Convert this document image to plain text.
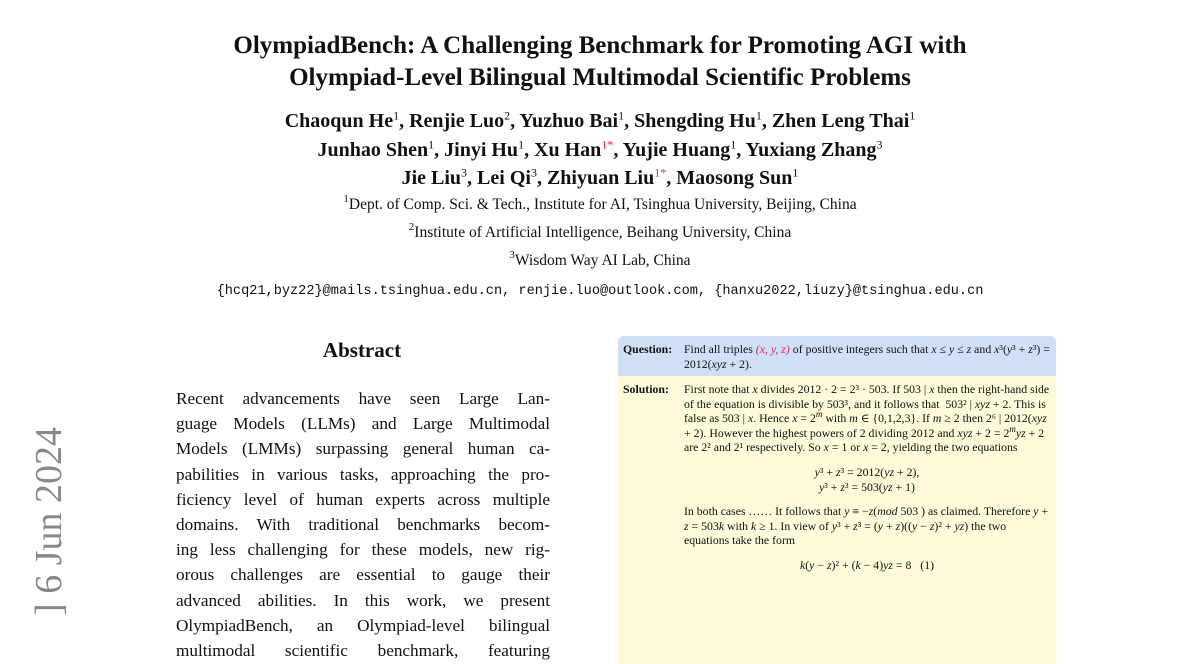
OlympiadBench: A Challenging Benchmark for Promoting AGI with
Olympiad-Level Bilingual Multimodal Scientific Problems
Chaoqun He$^1$, Renjie Luo$^2$, Yuzhuo Bai$^1$, Shengding Hu$^1$, Zhen Leng Thai$^1$
Junhao Shen$^1$, Jinyi Hu$^1$, Xu Han$^{1*}$, Yujie Huang$^1$, Yuxiang Zhang$^3$
Jie Liu$^3$, Lei Qi$^3$, Zhiyuan Liu$^{1*}$, Maosong Sun$^1$
$^1$Dept. of Comp. Sci. & Tech., Institute for AI, Tsinghua University, Beijing, China
$^2$Institute of Artificial Intelligence, Beihang University, China
$^3$Wisdom Way AI Lab, China
{hcq21,byz22}@mails.tsinghua.edu.cn, renjie.luo@outlook.com, {hanxu2022,liuzy}@tsinghua.edu.cn
] 6 Jun 2024
Abstract
Recent advancements have seen Large Lan-
guage Models (LLMs) and Large Multimodal
Models (LMMs) surpassing general human ca-
pabilities in various tasks, approaching the pro-
ficiency level of human experts across multiple
domains. With traditional benchmarks becom-
ing less challenging for these models, new rig-
orous challenges are essential to gauge their
advanced abilities. In this work, we present
OlympiadBench, an Olympiad-level bilingual
multimodal scientific benchmark, featuring
Question: Find all triples (x, y, z) of positive integers such that x ≤ y ≤ z and x³(y³ + z³) = 2012(xyz + 2).
Solution: First note that x divides 2012 · 2 = 2³ · 503. If 503 | x then the right-hand side of the equation is divisible by 503³, and it follows that  503² | xyz + 2. This is false as 503 | x. Hence $x = 2^m$ with m ∈ {0,1,2,3}. If m ≥ 2 then 2⁶ | 2012(xyz + 2). However the highest powers of 2 dividing 2012 and xyz + $2 = 2^myz + 2$ are 2² and 2¹ respectively. So x = 1 or x = 2, yielding the two equations
y³ + z³ = 2012(yz + 2),
y³ + z³ = 503(yz + 1)
In both cases …… It follows that y ≡ −z(mod 503 ) as claimed. Therefore y + z = 503k with k ≥ 1. In view of y³ + z³ = (y + z)((y − z)² + yz) the two equations take the form
k(y − z)² + (k − 4)yz = 8   (1)
